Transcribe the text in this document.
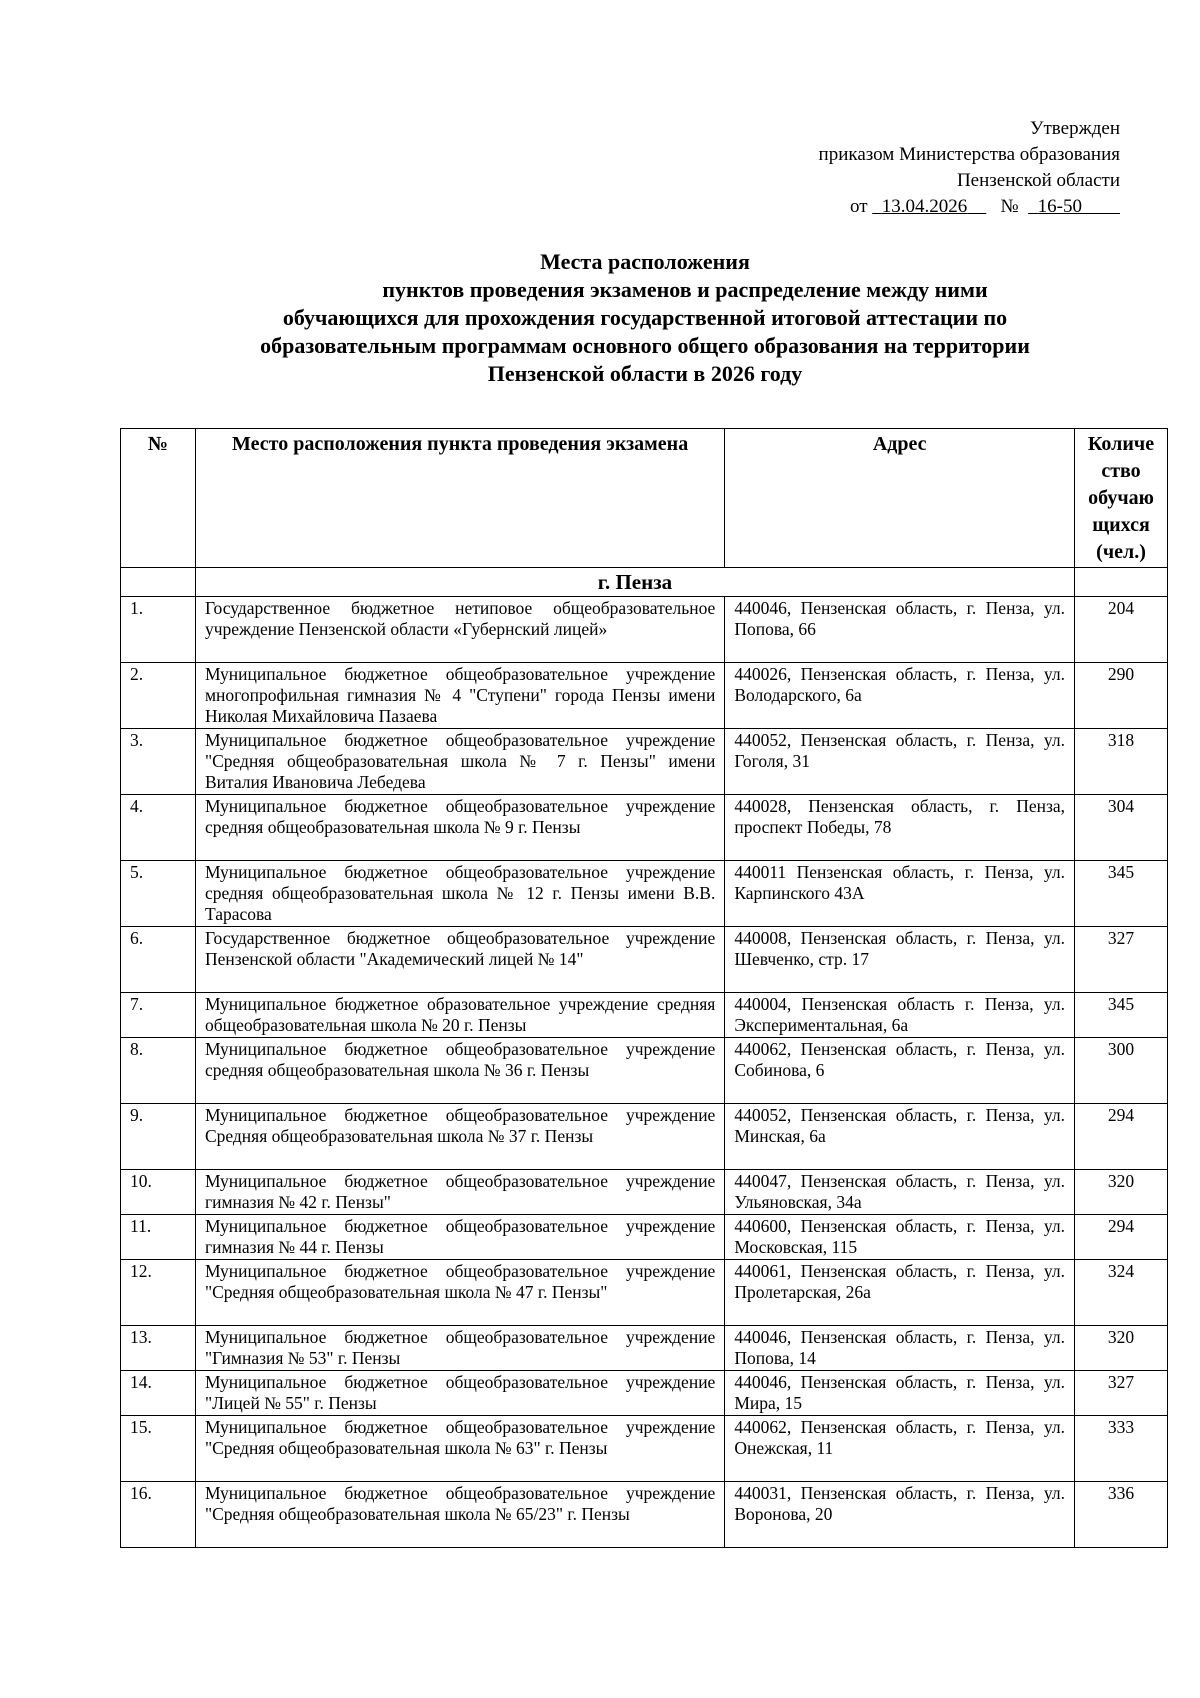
Утвержден
приказом Министерства образования
Пензенской области
от 13.04.2026 № 16-50
Места расположения
пунктов проведения экзаменов и распределение между ними
обучающихся для прохождения государственной итоговой аттестации по
образовательным программам основного общего образования на территории
Пензенской области в 2026 году
№	Место расположения пункта проведения экзамена	Адрес	Количе
ство
обучаю
щихся
(чел.)
	г. Пенза		
1.	Государственное бюджетное нетиповое общеобразовательное учреждение Пензенской области «Губернский лицей»	440046, Пензенская область, г. Пенза, ул. Попова, 66	204
2.	Муниципальное бюджетное общеобразовательное учреждение многопрофильная гимназия № 4 "Ступени" города Пензы имени Николая Михайловича Пазаева	440026, Пензенская область, г. Пенза, ул. Володарского, 6а	290
3.	Муниципальное бюджетное общеобразовательное учреждение "Средняя общеобразовательная школа № 7 г. Пензы" имени Виталия Ивановича Лебедева	440052, Пензенская область, г. Пенза, ул. Гоголя, 31	318
4.	Муниципальное бюджетное общеобразовательное учреждение средняя общеобразовательная школа № 9 г. Пензы	440028, Пензенская область, г. Пенза, проспект Победы, 78	304
5.	Муниципальное бюджетное общеобразовательное учреждение средняя общеобразовательная школа № 12 г. Пензы имени В.В. Тарасова	440011 Пензенская область, г. Пенза, ул. Карпинского 43А	345
6.	Государственное бюджетное общеобразовательное учреждение Пензенской области "Академический лицей № 14"	440008, Пензенская область, г. Пенза, ул. Шевченко, стр. 17	327
7.	Муниципальное бюджетное образовательное учреждение средняя общеобразовательная школа № 20 г. Пензы	440004, Пензенская область г. Пенза, ул. Экспериментальная, 6а	345
8.	Муниципальное бюджетное общеобразовательное учреждение средняя общеобразовательная школа № 36 г. Пензы	440062, Пензенская область, г. Пенза, ул. Собинова, 6	300
9.	Муниципальное бюджетное общеобразовательное учреждение Средняя общеобразовательная школа № 37 г. Пензы	440052, Пензенская область, г. Пенза, ул. Минская, 6а	294
10.	Муниципальное бюджетное общеобразовательное учреждение гимназия № 42 г. Пензы"	440047, Пензенская область, г. Пенза, ул. Ульяновская, 34а	320
11.	Муниципальное бюджетное общеобразовательное учреждение гимназия № 44 г. Пензы	440600, Пензенская область, г. Пенза, ул. Московская, 115	294
12.	Муниципальное бюджетное общеобразовательное учреждение "Средняя общеобразовательная школа № 47 г. Пензы"	440061, Пензенская область, г. Пенза, ул. Пролетарская, 26а	324
13.	Муниципальное бюджетное общеобразовательное учреждение "Гимназия № 53" г. Пензы	440046, Пензенская область, г. Пенза, ул. Попова, 14	320
14.	Муниципальное бюджетное общеобразовательное учреждение "Лицей № 55" г. Пензы	440046, Пензенская область, г. Пенза, ул. Мира, 15	327
15.	Муниципальное бюджетное общеобразовательное учреждение "Средняя общеобразовательная школа № 63" г. Пензы	440062, Пензенская область, г. Пенза, ул. Онежская, 11	333
16.	Муниципальное бюджетное общеобразовательное учреждение "Средняя общеобразовательная школа № 65/23" г. Пензы	440031, Пензенская область, г. Пенза, ул. Воронова, 20	336
